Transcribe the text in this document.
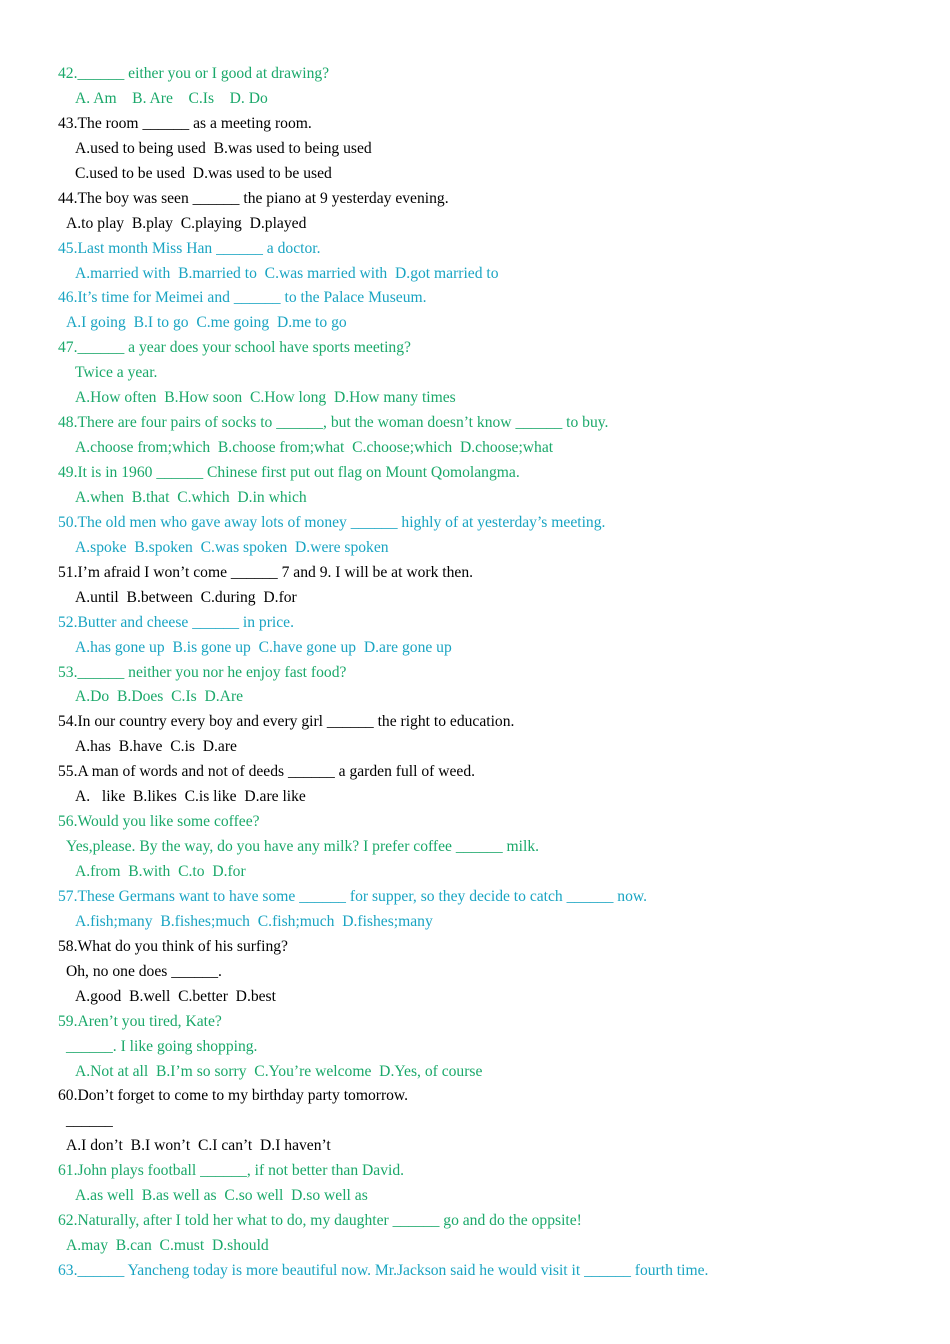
42.______ either you or I good at drawing?
A. Am    B. Are    C.Is    D. Do
43.The room ______ as a meeting room.
A.used to being used  B.was used to being used
C.used to be used  D.was used to be used
44.The boy was seen ______ the piano at 9 yesterday evening.
A.to play  B.play  C.playing  D.played
45.Last month Miss Han ______ a doctor.
A.married with  B.married to  C.was married with  D.got married to
46.It’s time for Meimei and ______ to the Palace Museum.
A.I going  B.I to go  C.me going  D.me to go
47.______ a year does your school have sports meeting?
Twice a year.
A.How often  B.How soon  C.How long  D.How many times
48.There are four pairs of socks to ______, but the woman doesn’t know ______ to buy.
A.choose from;which  B.choose from;what  C.choose;which  D.choose;what
49.It is in 1960 ______ Chinese first put out flag on Mount Qomolangma.
A.when  B.that  C.which  D.in which
50.The old men who gave away lots of money ______ highly of at yesterday’s meeting.
A.spoke  B.spoken  C.was spoken  D.were spoken
51.I’m afraid I won’t come ______ 7 and 9. I will be at work then.
A.until  B.between  C.during  D.for
52.Butter and cheese ______ in price.
A.has gone up  B.is gone up  C.have gone up  D.are gone up
53.______ neither you nor he enjoy fast food?
A.Do  B.Does  C.Is  D.Are
54.In our country every boy and every girl ______ the right to education.
A.has  B.have  C.is  D.are
55.A man of words and not of deeds ______ a garden full of weed.
A.   like  B.likes  C.is like  D.are like
56.Would you like some coffee?
Yes,please. By the way, do you have any milk? I prefer coffee ______ milk.
A.from  B.with  C.to  D.for
57.These Germans want to have some ______ for supper, so they decide to catch ______ now.
A.fish;many  B.fishes;much  C.fish;much  D.fishes;many
58.What do you think of his surfing?
Oh, no one does ______.
A.good  B.well  C.better  D.best
59.Aren’t you tired, Kate?
______. I like going shopping.
A.Not at all  B.I’m so sorry  C.You’re welcome  D.Yes, of course
60.Don’t forget to come to my birthday party tomorrow.
______
A.I don’t  B.I won’t  C.I can’t  D.I haven’t
61.John plays football ______, if not better than David.
A.as well  B.as well as  C.so well  D.so well as
62.Naturally, after I told her what to do, my daughter ______ go and do the oppsite!
A.may  B.can  C.must  D.should
63.______ Yancheng today is more beautiful now. Mr.Jackson said he would visit it ______ fourth time.
